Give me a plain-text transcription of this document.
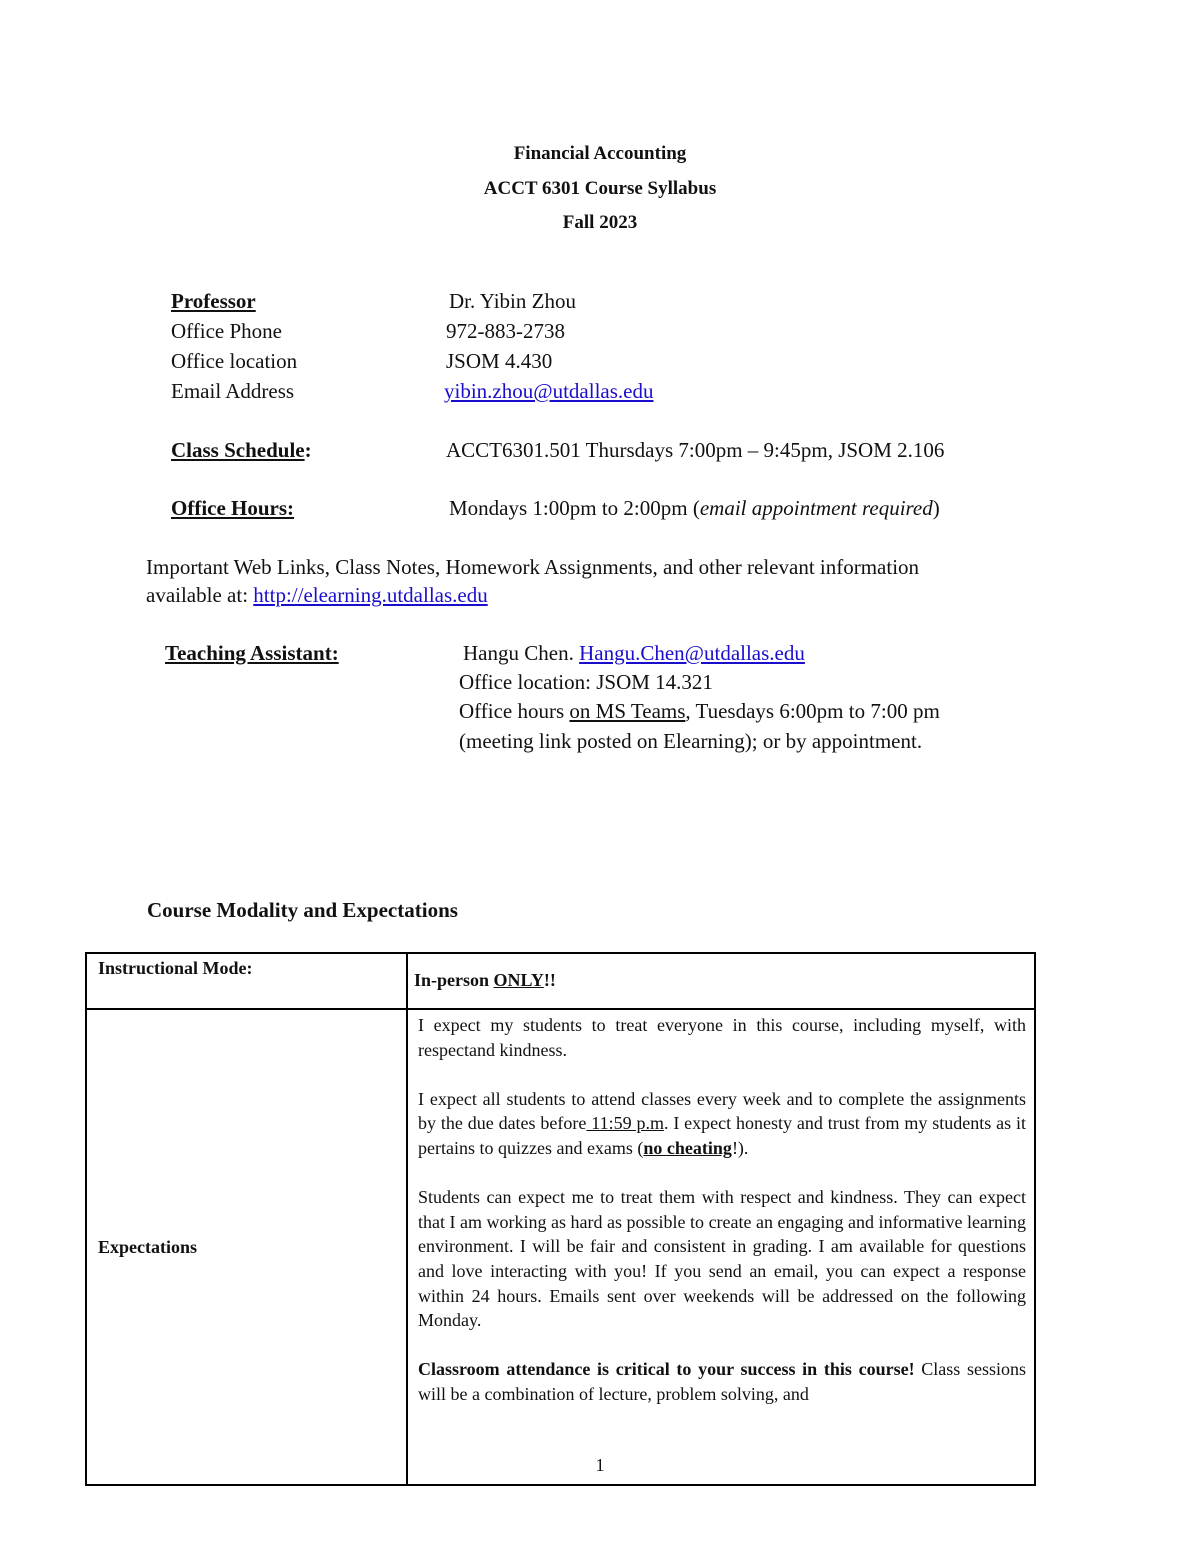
Financial Accounting
ACCT 6301 Course Syllabus
Fall 2023
Professor	Dr. Yibin Zhou
Office Phone	972-883-2738
Office location	JSOM 4.430
Email Address	yibin.zhou@utdallas.edu
Class Schedule:	ACCT6301.501 Thursdays 7:00pm – 9:45pm, JSOM 2.106
Office Hours:	Mondays 1:00pm to 2:00pm (email appointment required)
Important Web Links, Class Notes, Homework Assignments, and other relevant information
available at: http://elearning.utdallas.edu
Teaching Assistant:	Hangu Chen. Hangu.Chen@utdallas.edu
Office location: JSOM 14.321
Office hours on MS Teams, Tuesdays 6:00pm to 7:00 pm
(meeting link posted on Elearning); or by appointment.
Course Modality and Expectations
Instructional Mode:	In-person ONLY!!
Expectations	I expect my students to treat everyone in this course, including myself, with respectand kindness.

I expect all students to attend classes every week and to complete the assignments by the due dates before 11:59 p.m. I expect honesty and trust from my students as it pertains to quizzes and exams (no cheating!).

Students can expect me to treat them with respect and kindness. They can expect that I am working as hard as possible to create an engaging and informative learning environment. I will be fair and consistent in grading. I am available for questions and love interacting with you! If you send an email, you can expect a response within 24 hours. Emails sent over weekends will be addressed on the following Monday.

Classroom attendance is critical to your success in this course! Class sessions will be a combination of lecture, problem solving, and

1
